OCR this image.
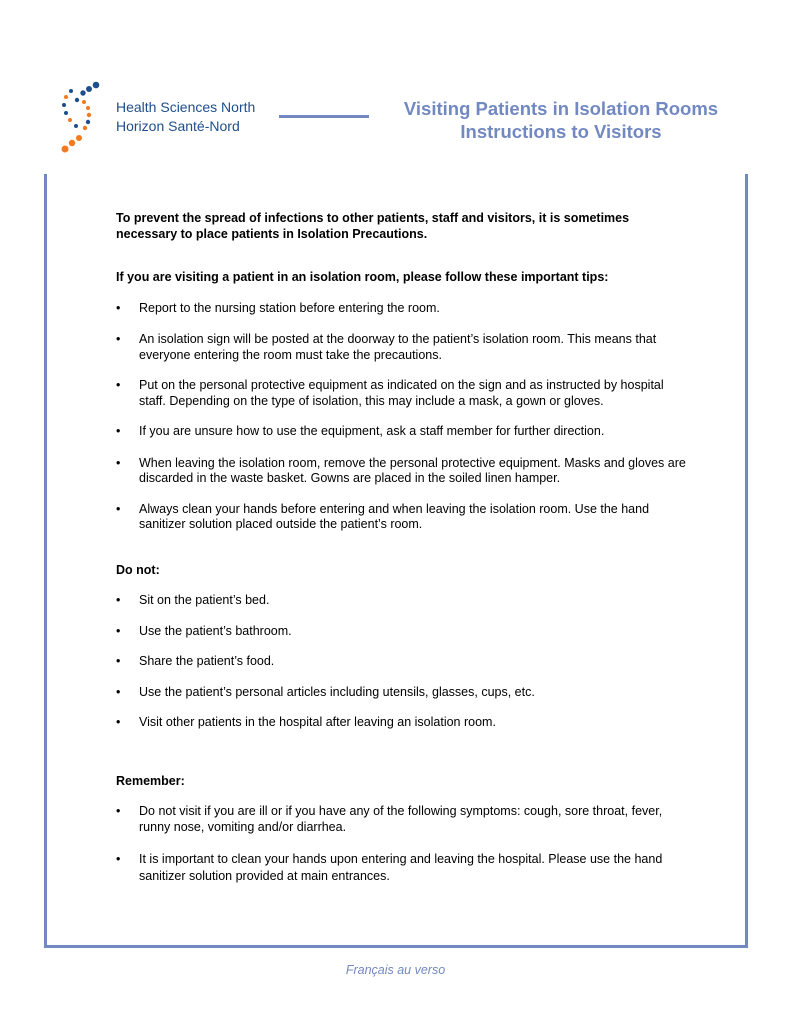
Health Sciences North
Horizon Santé-Nord
Visiting Patients in Isolation Rooms
Instructions to Visitors

To prevent the spread of infections to other patients, staff and visitors, it is sometimes necessary to place patients in Isolation Precautions.

If you are visiting a patient in an isolation room, please follow these important tips:

• Report to the nursing station before entering the room.
• An isolation sign will be posted at the doorway to the patient’s isolation room. This means that everyone entering the room must take the precautions.
• Put on the personal protective equipment as indicated on the sign and as instructed by hospital staff. Depending on the type of isolation, this may include a mask, a gown or gloves.
• If you are unsure how to use the equipment, ask a staff member for further direction.
• When leaving the isolation room, remove the personal protective equipment. Masks and gloves are discarded in the waste basket. Gowns are placed in the soiled linen hamper.
• Always clean your hands before entering and when leaving the isolation room. Use the hand sanitizer solution placed outside the patient’s room.

Do not:

• Sit on the patient’s bed.
• Use the patient’s bathroom.
• Share the patient’s food.
• Use the patient’s personal articles including utensils, glasses, cups, etc.
• Visit other patients in the hospital after leaving an isolation room.

Remember:

• Do not visit if you are ill or if you have any of the following symptoms: cough, sore throat, fever, runny nose, vomiting and/or diarrhea.
• It is important to clean your hands upon entering and leaving the hospital. Please use the hand sanitizer solution provided at main entrances.
Français au verso
